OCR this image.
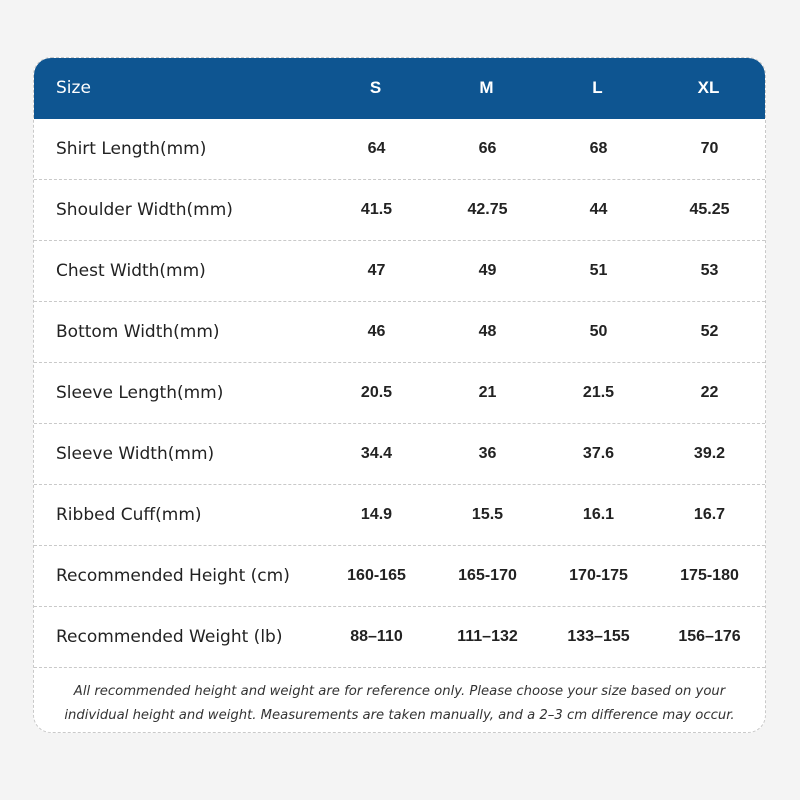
Size	S	M	L	XL
Shirt Length(mm)	64	66	68	70
Shoulder Width(mm)	41.5	42.75	44	45.25
Chest Width(mm)	47	49	51	53
Bottom Width(mm)	46	48	50	52
Sleeve Length(mm)	20.5	21	21.5	22
Sleeve Width(mm)	34.4	36	37.6	39.2
Ribbed Cuff(mm)	14.9	15.5	16.1	16.7
Recommended Height (cm)	160-165	165-170	170-175	175-180
Recommended Weight (lb)	88–110	111–132	133–155	156–176
All recommended height and weight are for reference only. Please choose your size based on your individual height and weight. Measurements are taken manually, and a 2–3 cm difference may occur.
